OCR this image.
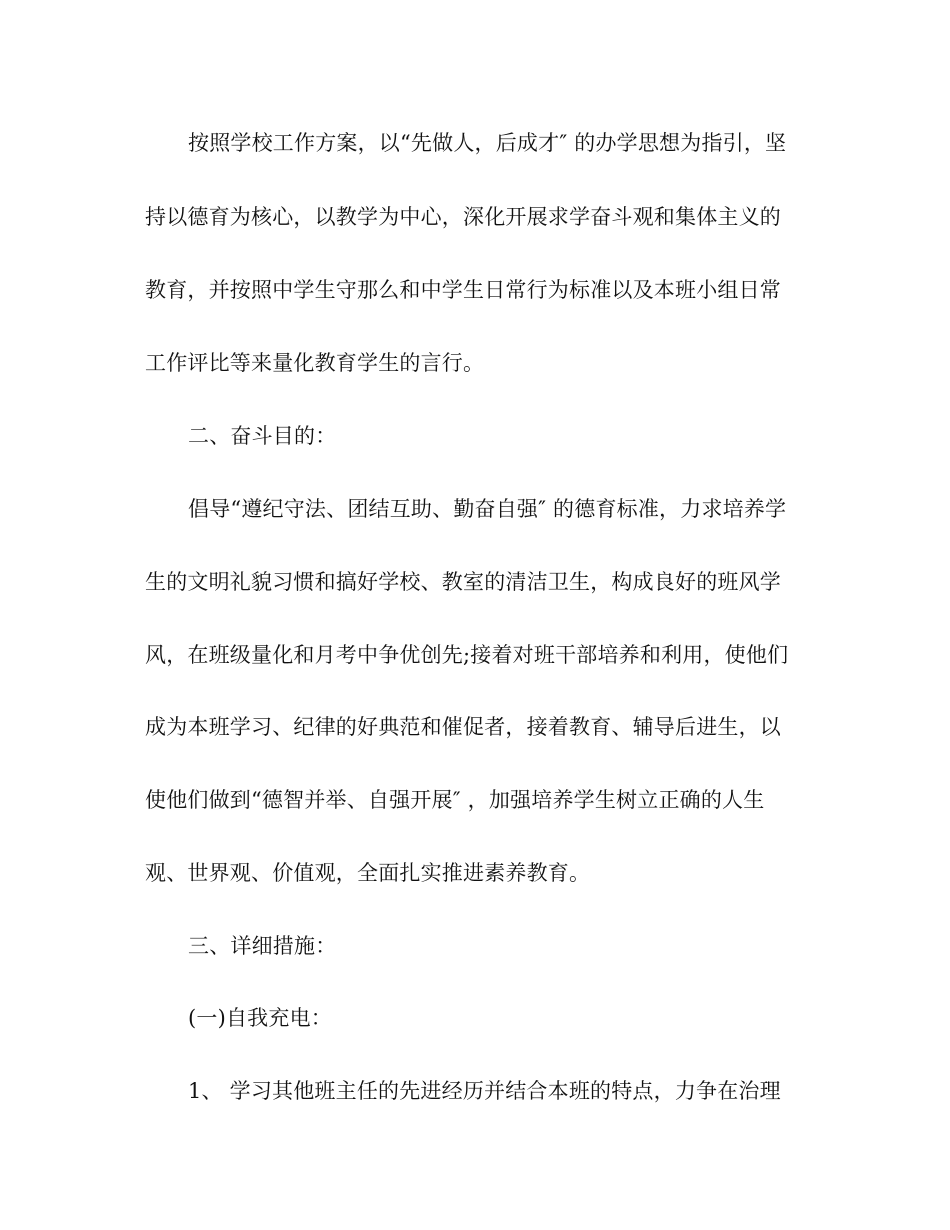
按照学校工作方案，以“先做人，后成才″ 的办学思想为指引，坚
持以德育为核心，以教学为中心，深化开展求学奋斗观和集体主义的
教育，并按照中学生守那么和中学生日常行为标准以及本班小组日常
工作评比等来量化教育学生的言行。
二、奋斗目的：
倡导“遵纪守法、团结互助、勤奋自强″ 的德育标准，力求培养学
生的文明礼貌习惯和搞好学校、教室的清洁卫生，构成良好的班风学
风，在班级量化和月考中争优创先;接着对班干部培养和利用，使他们
成为本班学习、纪律的好典范和催促者，接着教育、辅导后进生，以
使他们做到“德智并举、自强开展″ ，加强培养学生树立正确的人生
观、世界观、价值观，全面扎实推进素养教育。
三、详细措施：
(一)自我充电：
1、 学习其他班主任的先进经历并结合本班的特点，力争在治理
